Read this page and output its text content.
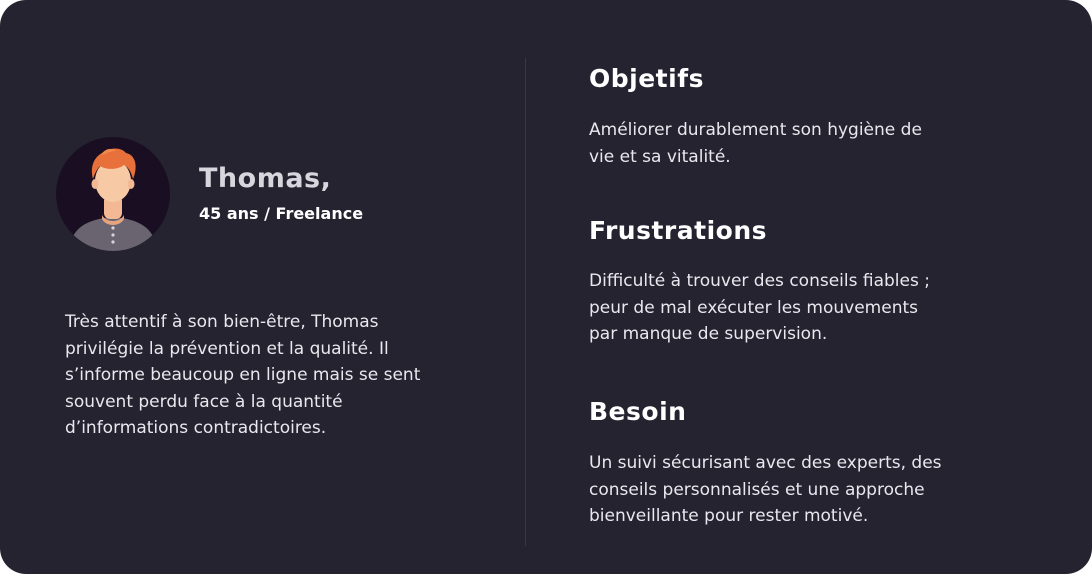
Thomas,
45 ans / Freelance
Très attentif à son bien-être, Thomas
privilégie la prévention et la qualité. Il
s’informe beaucoup en ligne mais se sent
souvent perdu face à la quantité
d’informations contradictoires.
Objetifs
Améliorer durablement son hygiène de
vie et sa vitalité.
Frustrations
Difficulté à trouver des conseils fiables ;
peur de mal exécuter les mouvements
par manque de supervision.
Besoin
Un suivi sécurisant avec des experts, des
conseils personnalisés et une approche
bienveillante pour rester motivé.
